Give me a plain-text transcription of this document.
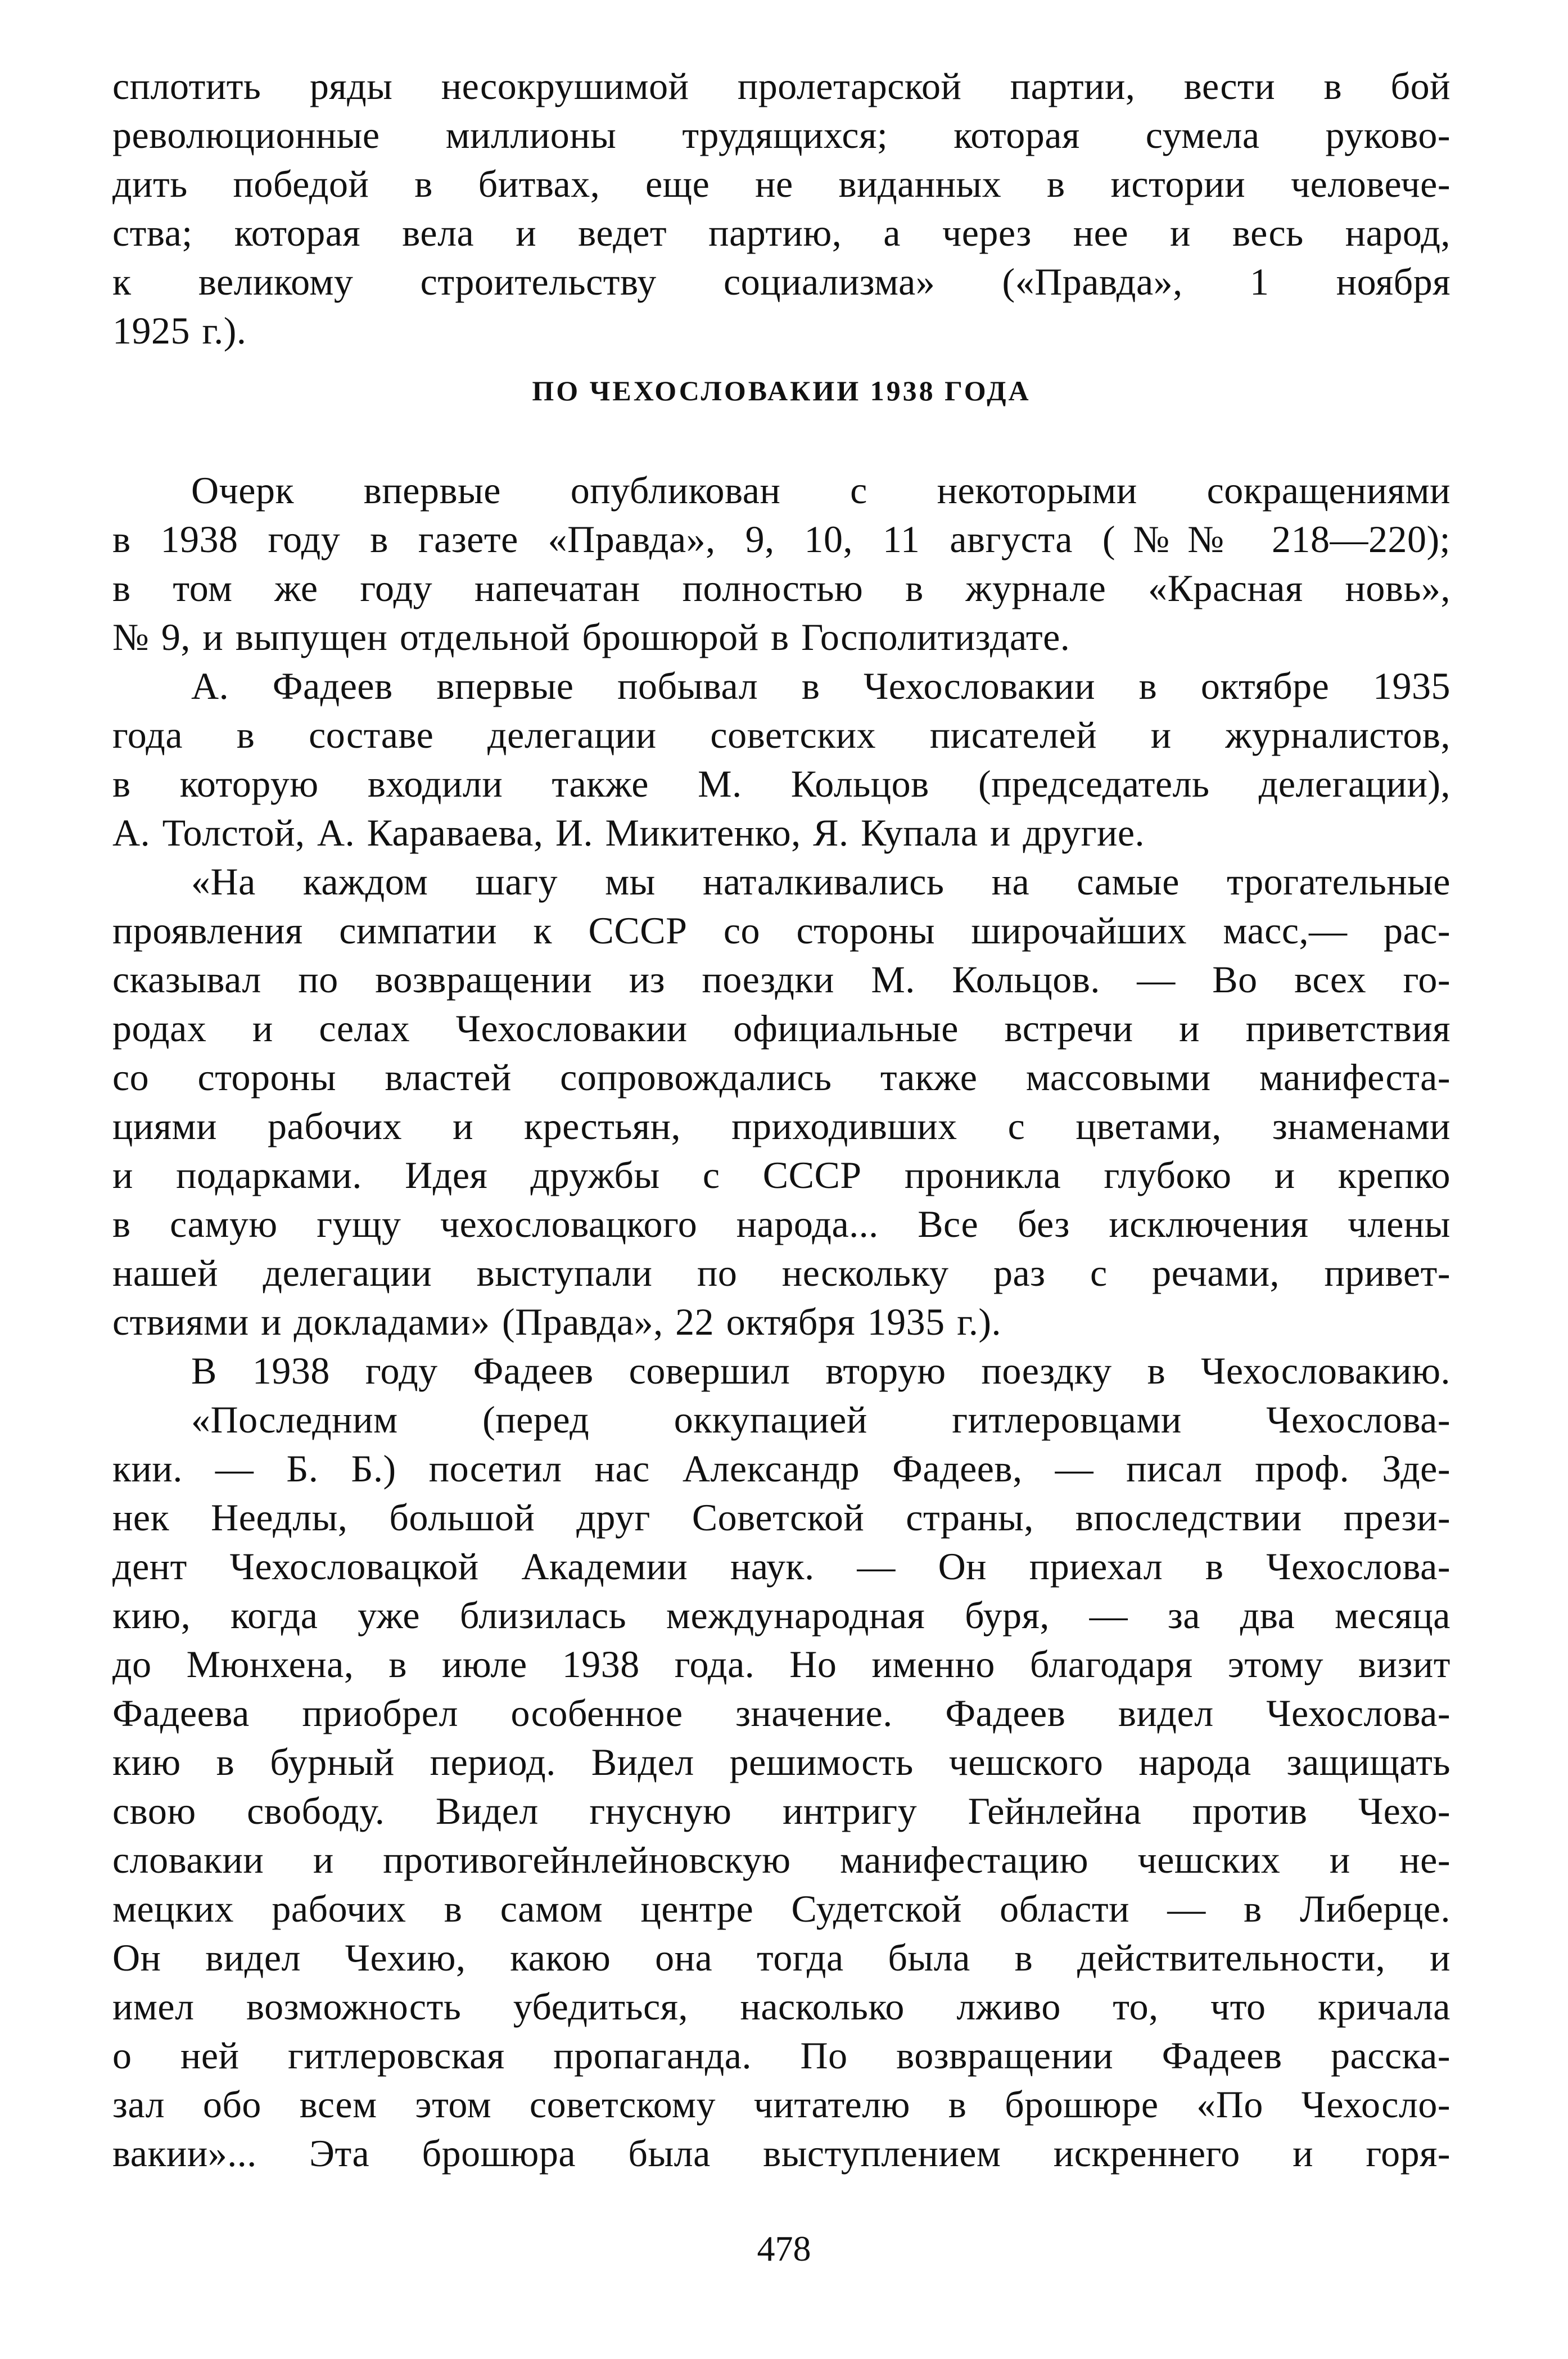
сплотить ряды несокрушимой пролетарской партии, вести в бой
революционные миллионы трудящихся; которая сумела руково-
дить победой в битвах, еще не виданных в истории человече-
ства; которая вела и ведет партию, а через нее и весь народ,
к великому строительству социализма» («Правда», 1 ноября
1925 г.).
ПО ЧЕХОСЛОВАКИИ 1938 ГОДА
Очерк впервые опубликован с некоторыми сокращениями
в 1938 году в газете «Правда», 9, 10, 11 августа (№№ 218—220);
в том же году напечатан полностью в журнале «Красная новь»,
№ 9, и выпущен отдельной брошюрой в Госполитиздате.
А. Фадеев впервые побывал в Чехословакии в октябре 1935
года в составе делегации советских писателей и журналистов,
в которую входили также М. Кольцов (председатель делегации),
А. Толстой, А. Караваева, И. Микитенко, Я. Купала и другие.
«На каждом шагу мы наталкивались на самые трогательные
проявления симпатии к СССР со стороны широчайших масс,— рас-
сказывал по возвращении из поездки М. Кольцов. — Во всех го-
родах и селах Чехословакии официальные встречи и приветствия
со стороны властей сопровождались также массовыми манифеста-
циями рабочих и крестьян, приходивших с цветами, знаменами
и подарками. Идея дружбы с СССР проникла глубоко и крепко
в самую гущу чехословацкого народа... Все без исключения члены
нашей делегации выступали по нескольку раз с речами, привет-
ствиями и докладами» (Правда», 22 октября 1935 г.).
В 1938 году Фадеев совершил вторую поездку в Чехословакию.
«Последним (перед оккупацией гитлеровцами Чехослова-
кии. — Б. Б.) посетил нас Александр Фадеев, — писал проф. Зде-
нек Неедлы, большой друг Советской страны, впоследствии прези-
дент Чехословацкой Академии наук. — Он приехал в Чехослова-
кию, когда уже близилась международная буря, — за два месяца
до Мюнхена, в июле 1938 года. Но именно благодаря этому визит
Фадеева приобрел особенное значение. Фадеев видел Чехослова-
кию в бурный период. Видел решимость чешского народа защищать
свою свободу. Видел гнусную интригу Гейнлейна против Чехо-
словакии и противогейнлейновскую манифестацию чешских и не-
мецких рабочих в самом центре Судетской области — в Либерце.
Он видел Чехию, какою она тогда была в действительности, и
имел возможность убедиться, насколько лживо то, что кричала
о ней гитлеровская пропаганда. По возвращении Фадеев расска-
зал обо всем этом советскому читателю в брошюре «По Чехосло-
вакии»... Эта брошюра была выступлением искреннего и горя-
478
